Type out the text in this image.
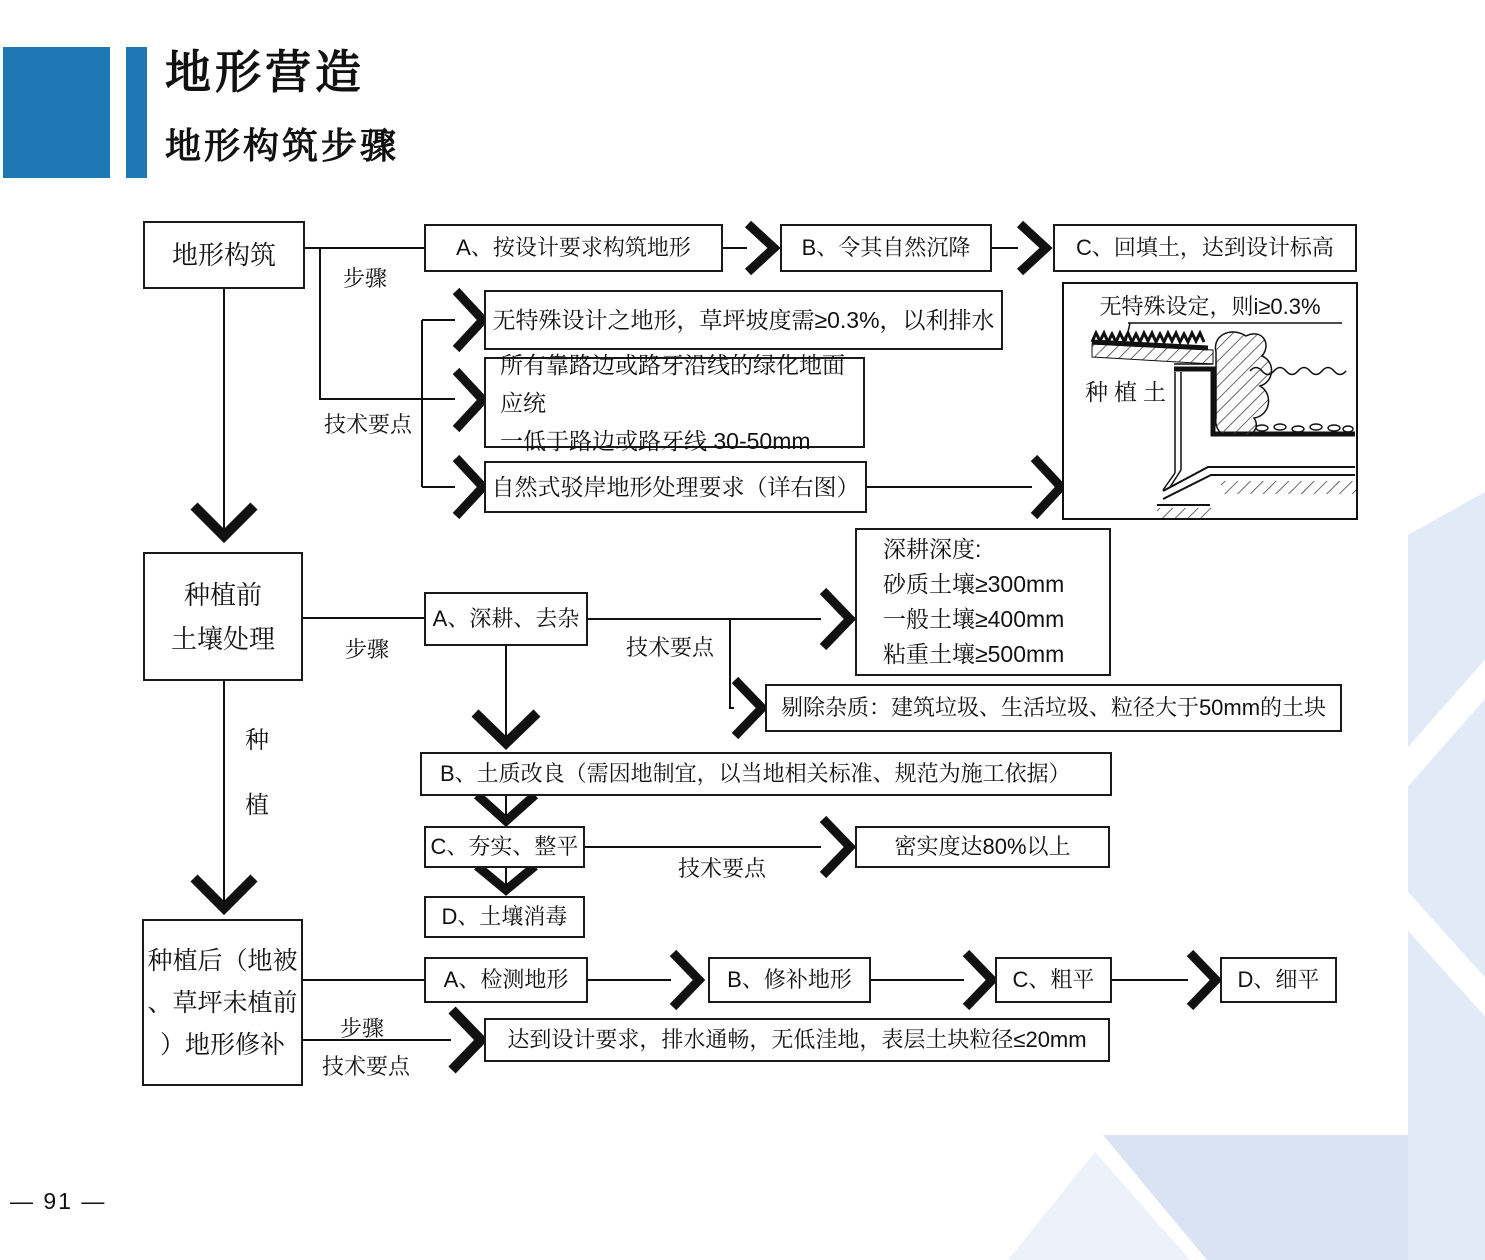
地形营造
地形构筑步骤
— 91 —
地形构筑
步骤
A、按设计要求构筑地形	B、令其自然沉降	C、回填土，达到设计标高
技术要点
无特殊设计之地形，草坪坡度需≥0.3%，以利排水
所有靠路边或路牙沿线的绿化地面应统
一低于路边或路牙线 30-50mm
自然式驳岸地形处理要求（详右图）
无特殊设定，则i≥0.3%
种植土
种植前
土壤处理	步骤
A、深耕、去杂
技术要点
深耕深度:
砂质土壤≥300mm
一般土壤≥400mm
粘重土壤≥500mm
剔除杂质：建筑垃圾、生活垃圾、粒径大于50mm的土块
B、土质改良（需因地制宜，以当地相关标准、规范为施工依据）
C、夯实、整平
技术要点
密实度达80%以上
D、土壤消毒
种
植
种植后（地被
、草坪未植前
）地形修补
A、检测地形	B、修补地形	C、粗平	D、细平
步骤
技术要点
达到设计要求，排水通畅，无低洼地，表层土块粒径≤20mm
